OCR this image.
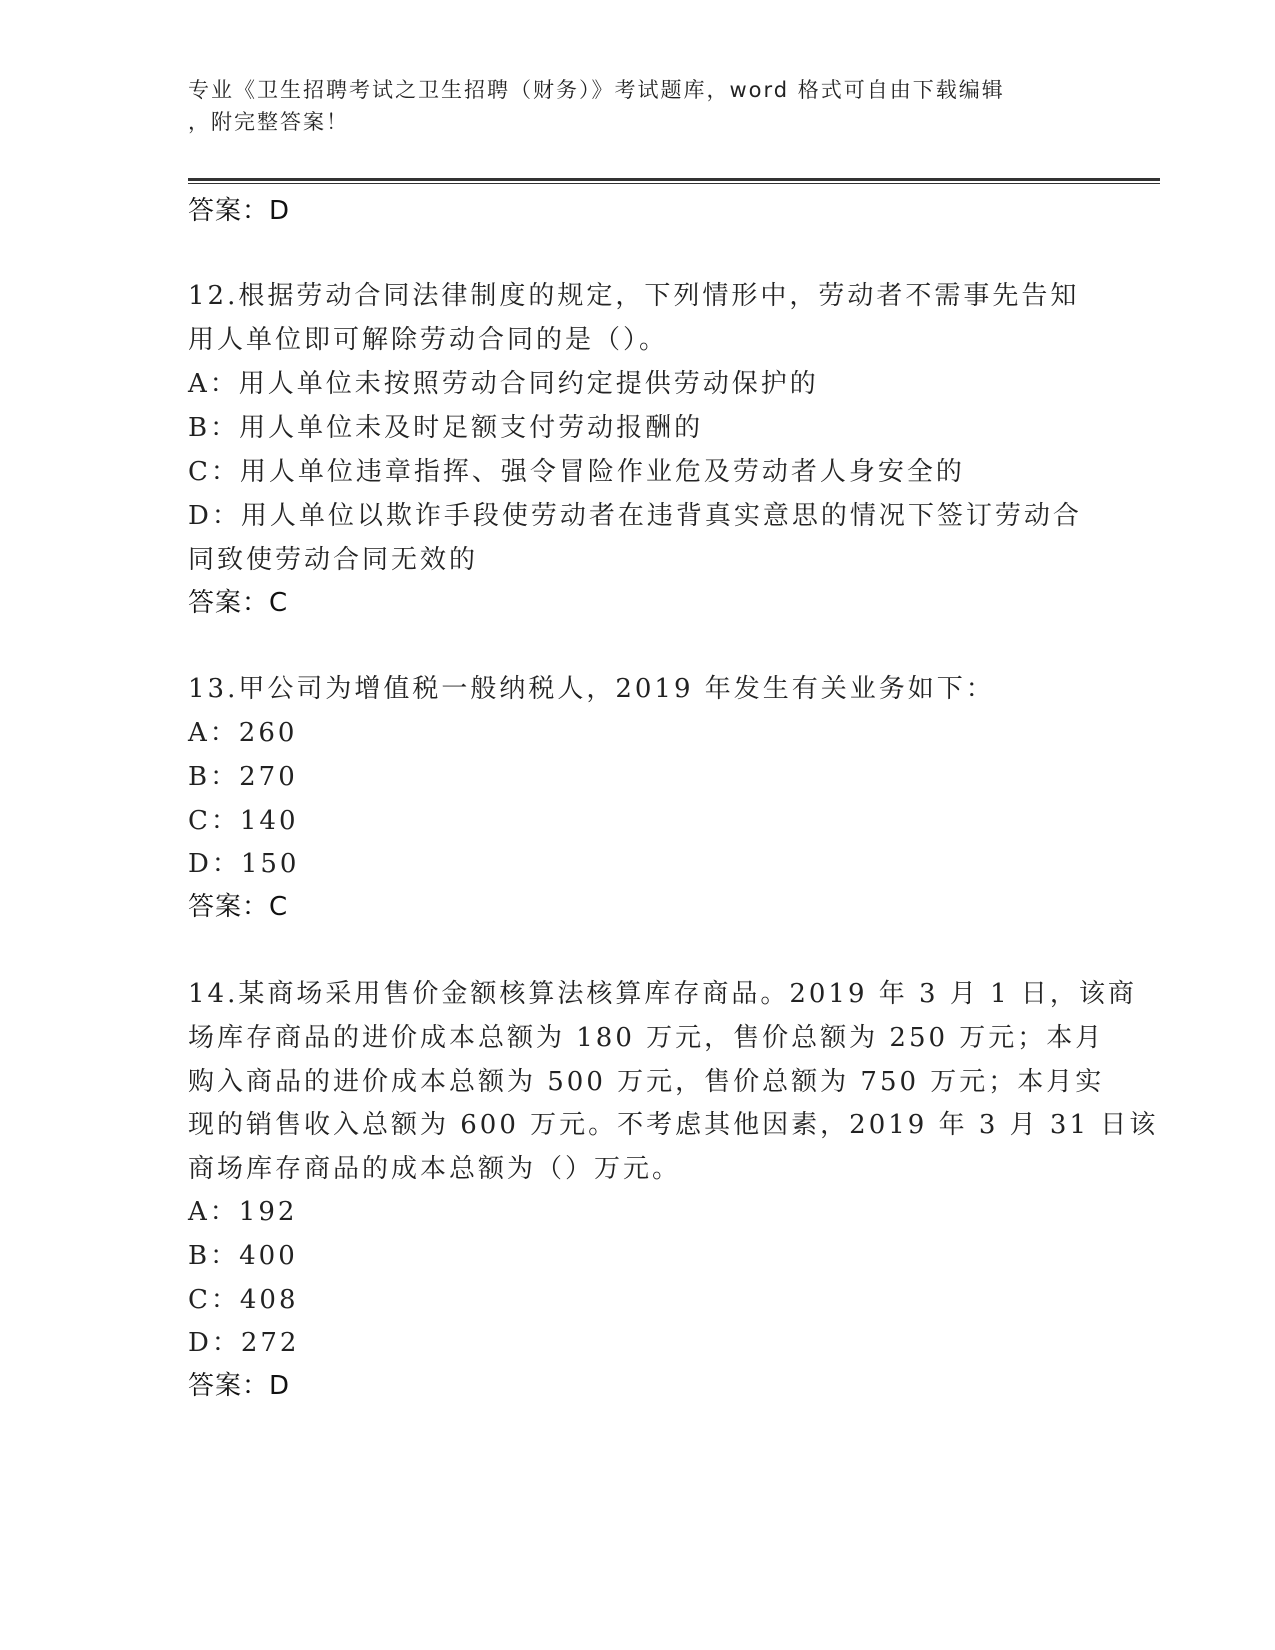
专业《卫生招聘考试之卫生招聘（财务）》考试题库，word 格式可自由下载编辑
，附完整答案！
答案：D
12.根据劳动合同法律制度的规定，下列情形中，劳动者不需事先告知
用人单位即可解除劳动合同的是（）。
A：用人单位未按照劳动合同约定提供劳动保护的
B：用人单位未及时足额支付劳动报酬的
C：用人单位违章指挥、强令冒险作业危及劳动者人身安全的
D：用人单位以欺诈手段使劳动者在违背真实意思的情况下签订劳动合
同致使劳动合同无效的
答案：C
13.甲公司为增值税一般纳税人，2019 年发生有关业务如下：
A：260
B：270
C：140
D：150
答案：C
14.某商场采用售价金额核算法核算库存商品。2019 年 3 月 1 日，该商
场库存商品的进价成本总额为 180 万元，售价总额为 250 万元；本月
购入商品的进价成本总额为 500 万元，售价总额为 750 万元；本月实
现的销售收入总额为 600 万元。不考虑其他因素，2019 年 3 月 31 日该
商场库存商品的成本总额为（）万元。
A：192
B：400
C：408
D：272
答案：D
